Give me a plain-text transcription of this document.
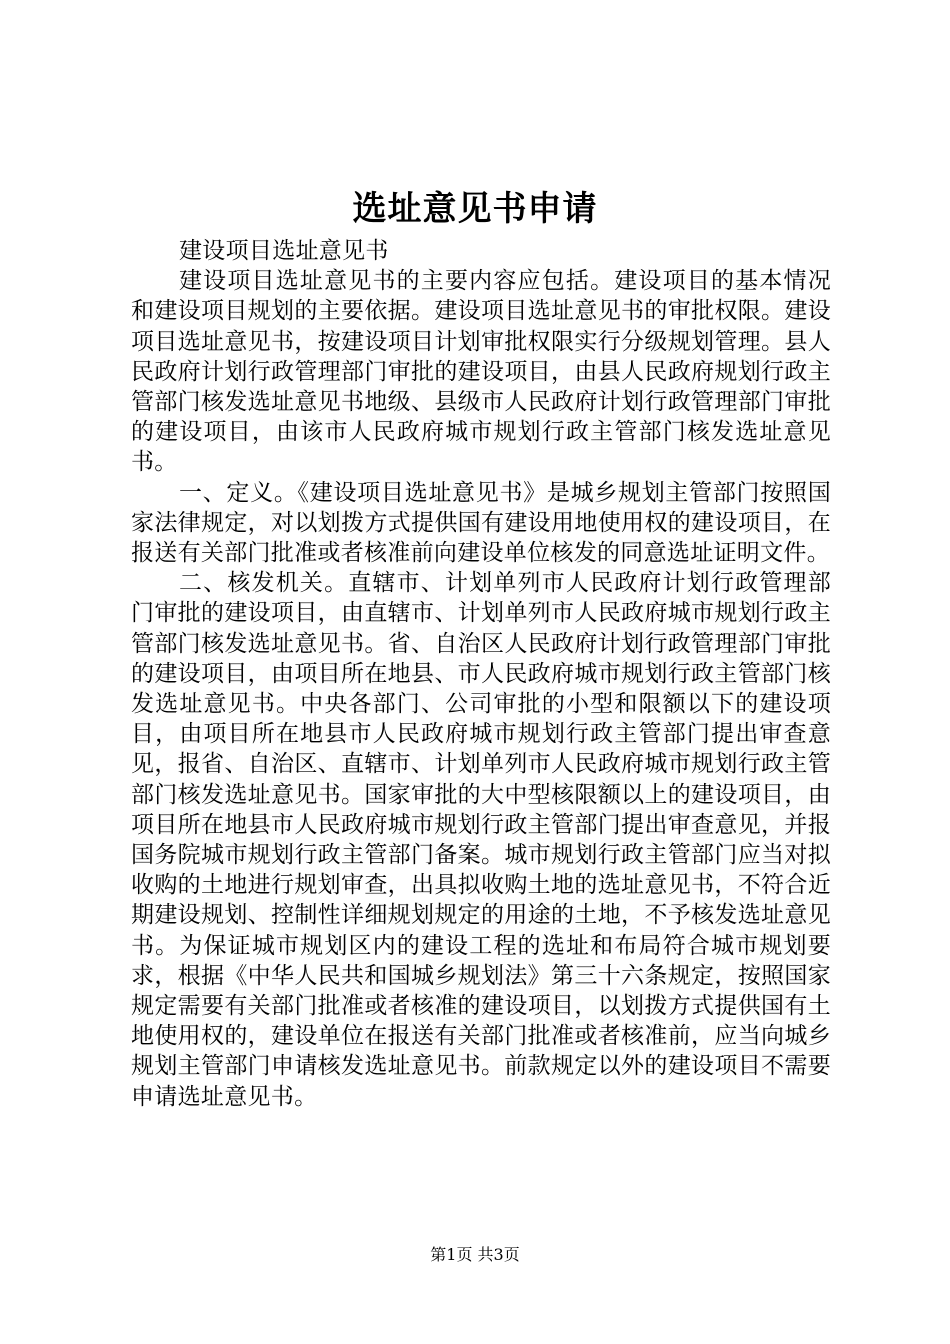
选址意见书申请

建设项目选址意见书

建设项目选址意见书的主要内容应包括。建设项目的基本情况和建设项目规划的主要依据。建设项目选址意见书的审批权限。建设项目选址意见书，按建设项目计划审批权限实行分级规划管理。县人民政府计划行政管理部门审批的建设项目，由县人民政府规划行政主管部门核发选址意见书地级、县级市人民政府计划行政管理部门审批的建设项目，由该市人民政府城市规划行政主管部门核发选址意见书。

一、定义。《建设项目选址意见书》是城乡规划主管部门按照国家法律规定，对以划拨方式提供国有建设用地使用权的建设项目，在报送有关部门批准或者核准前向建设单位核发的同意选址证明文件。

二、核发机关。直辖市、计划单列市人民政府计划行政管理部门审批的建设项目，由直辖市、计划单列市人民政府城市规划行政主管部门核发选址意见书。省、自治区人民政府计划行政管理部门审批的建设项目，由项目所在地县、市人民政府城市规划行政主管部门核发选址意见书。中央各部门、公司审批的小型和限额以下的建设项目，由项目所在地县市人民政府城市规划行政主管部门提出审查意见，报省、自治区、直辖市、计划单列市人民政府城市规划行政主管部门核发选址意见书。国家审批的大中型核限额以上的建设项目，由项目所在地县市人民政府城市规划行政主管部门提出审查意见，并报国务院城市规划行政主管部门备案。城市规划行政主管部门应当对拟收购的土地进行规划审查，出具拟收购土地的选址意见书，不符合近期建设规划、控制性详细规划规定的用途的土地，不予核发选址意见书。为保证城市规划区内的建设工程的选址和布局符合城市规划要求，根据《中华人民共和国城乡规划法》第三十六条规定，按照国家规定需要有关部门批准或者核准的建设项目，以划拨方式提供国有土地使用权的，建设单位在报送有关部门批准或者核准前，应当向城乡规划主管部门申请核发选址意见书。前款规定以外的建设项目不需要申请选址意见书。

第1页 共3页
